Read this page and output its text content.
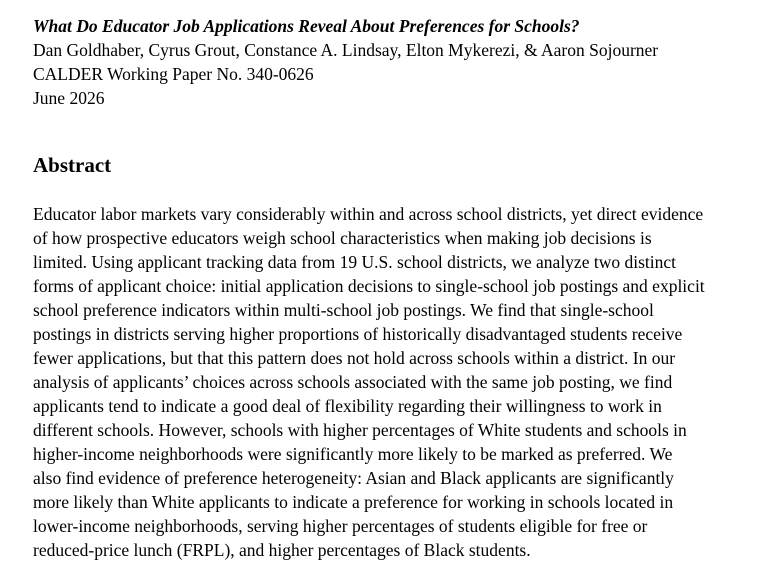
What Do Educator Job Applications Reveal About Preferences for Schools?

Dan Goldhaber, Cyrus Grout, Constance A. Lindsay, Elton Mykerezi, & Aaron Sojourner

CALDER Working Paper No. 340-0626

June 2026

Abstract

Educator labor markets vary considerably within and across school districts, yet direct evidence
of how prospective educators weigh school characteristics when making job decisions is
limited. Using applicant tracking data from 19 U.S. school districts, we analyze two distinct
forms of applicant choice: initial application decisions to single-school job postings and explicit
school preference indicators within multi-school job postings. We find that single-school
postings in districts serving higher proportions of historically disadvantaged students receive
fewer applications, but that this pattern does not hold across schools within a district. In our
analysis of applicants’ choices across schools associated with the same job posting, we find
applicants tend to indicate a good deal of flexibility regarding their willingness to work in
different schools. However, schools with higher percentages of White students and schools in
higher-income neighborhoods were significantly more likely to be marked as preferred. We
also find evidence of preference heterogeneity: Asian and Black applicants are significantly
more likely than White applicants to indicate a preference for working in schools located in
lower-income neighborhoods, serving higher percentages of students eligible for free or
reduced-price lunch (FRPL), and higher percentages of Black students.
